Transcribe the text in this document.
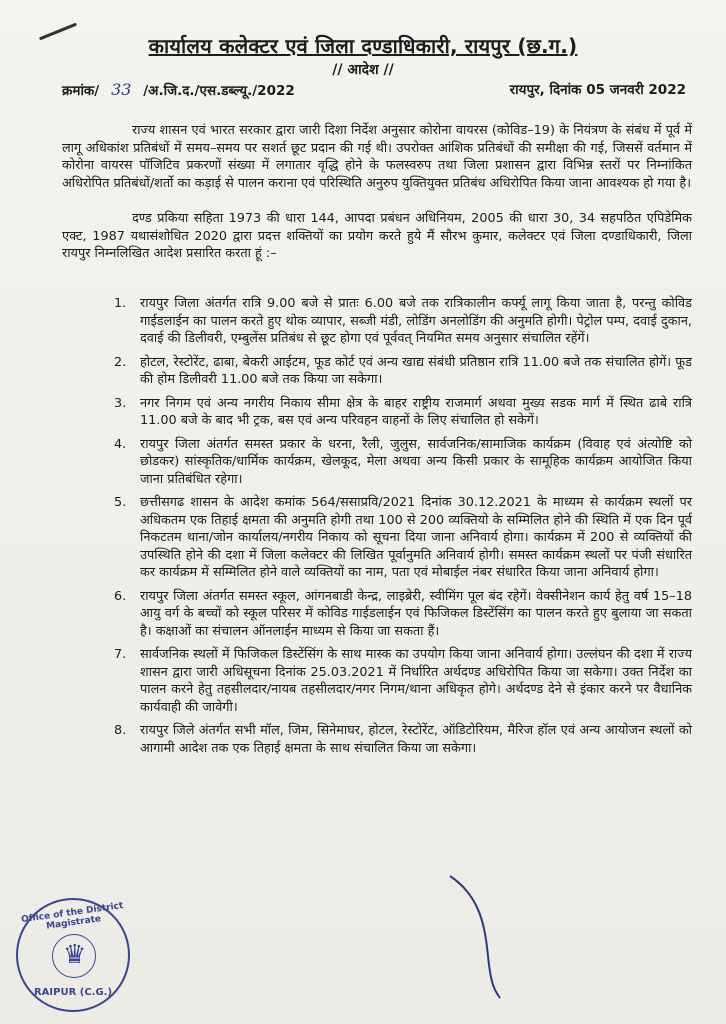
कार्यालय कलेक्टर एवं जिला दण्डाधिकारी, रायपुर (छ.ग.)
// आदेश //
क्रमांक/ 33 /अ.जि.द./एस.डब्ल्यू./2022	रायपुर, दिनांक 05 जनवरी 2022
राज्य शासन एवं भारत सरकार द्वारा जारी दिशा निर्देश अनुसार कोरोना वायरस (कोविड–19) के नियंत्रण के संबंध में पूर्व में लागू अधिकांश प्रतिबंधों में समय–समय पर सशर्त छूट प्रदान की गई थी। उपरोक्त आंशिक प्रतिबंधों की समीक्षा की गई, जिससें वर्तमान में कोरोना वायरस पॉजिटिव प्रकरणों संख्या में लगातार वृद्धि होने के फलस्वरुप तथा जिला प्रशासन द्वारा विभिन्न स्तरों पर निम्नांकित अधिरोपित प्रतिबंधों/शर्तो का कड़ाई से पालन कराना एवं परिस्थिति अनुरुप युक्तियुक्त प्रतिबंध अधिरोपित किया जाना आवश्यक हो गया है।
दण्ड प्रकिया सहिता 1973 की धारा 144, आपदा प्रबंधन अधिनियम, 2005 की धारा 30, 34 सहपठित एपिडेमिक एक्ट, 1987 यथासंशोधित 2020 द्वारा प्रदत्त शक्तियों का प्रयोग करते हुये मैं सौरभ कुमार, कलेक्टर एवं जिला दण्डाधिकारी, जिला रायपुर निम्नलिखित आदेश प्रसारित करता हूं :–
1.	रायपुर जिला अंतर्गत रात्रि 9.00 बजे से प्रातः 6.00 बजे तक रात्रिकालीन कर्फ्यू लागू किया जाता है, परन्तु कोविड गाईडलाईन का पालन करते हुए थोक व्यापार, सब्जी मंडी, लोडिंग अनलोडिंग की अनुमति होगी। पेट्रोल पम्प, दवाई दुकान, दवाई की डिलीवरी, एम्बुलेंस प्रतिबंध से छूट होगा एवं पूर्ववत् नियमित समय अनुसार संचालित रहेंगें।
2.	होटल, रेस्टोरेंट, ढाबा, बेकरी आईटम, फूड कोर्ट एवं अन्य खाद्य संबंधी प्रतिष्ठान रात्रि 11.00 बजे तक संचालित होगें। फूड की होम डिलीवरी 11.00 बजे तक किया जा सकेगा।
3.	नगर निगम एवं अन्य नगरीय निकाय सीमा क्षेत्र के बाहर राष्ट्रीय राजमार्ग अथवा मुख्य सडक मार्ग में स्थित ढाबे रात्रि 11.00 बजे के बाद भी ट्रक, बस एवं अन्य परिवहन वाहनों के लिए संचालित हो सकेगें।
4.	रायपुर जिला अंतर्गत समस्त प्रकार के धरना, रैली, जुलुस, सार्वजनिक/सामाजिक कार्यक्रम (विवाह एवं अंत्योष्टि को छोडकर) सांस्कृतिक/धार्मिक कार्यक्रम, खेलकूद, मेला अथवा अन्य किसी प्रकार के सामूहिक कार्यक्रम आयोजित किया जाना प्रतिबंधित रहेगा।
5.	छत्तीसगढ शासन के आदेश कमांक 564/ससाप्रवि/2021 दिनांक 30.12.2021 के माध्यम से कार्यक्रम स्थलों पर अधिकतम एक तिहाई क्षमता की अनुमति होगी तथा 100 से 200 व्यक्तियो के सम्मिलित होने की स्थिति में एक दिन पूर्व निकटतम थाना/जोन कार्यालय/नगरीय निकाय को सूचना दिया जाना अनिवार्य होगा। कार्यक्रम में 200 से व्यक्तियों की उपस्थिति होने की दशा में जिला कलेक्टर की लिखित पूर्वानुमति अनिवार्य होगी। समस्त कार्यक्रम स्थलों पर पंजी संधारित कर कार्यक्रम में सम्मिलित होने वाले व्यक्तियों का नाम, पता एवं मोबाईल नंबर संधारित किया जाना अनिवार्य होगा।
6.	रायपुर जिला अंतर्गत समस्त स्कूल, आंगनबाडी केन्द्र, लाइब्रेरी, स्वीमिंग पूल बंद रहेगें। वेक्सीनेशन कार्य हेतु वर्ष 15–18 आयु वर्ग के बच्चों को स्कूल परिसर में कोविड गाईडलाईन एवं फिजिकल डिस्टेंसिंग का पालन करते हुए बुलाया जा सकता है। कक्षाओं का संचालन ऑनलाईन माध्यम से किया जा सकता हैं।
7.	सार्वजनिक स्थलों में फिजिकल डिस्टेंसिंग के साथ मास्क का उपयोग किया जाना अनिवार्य होगा। उल्लंघन की दशा में राज्य शासन द्वारा जारी अधिसूचना दिनांक 25.03.2021 में निर्धारित अर्थदण्ड अधिरोपित किया जा सकेगा। उक्त निर्देश का पालन करने हेतु तहसीलदार/नायब तहसीलदार/नगर निगम/थाना अधिकृत होगे। अर्थदण्ड देने से इंकार करने पर वैधानिक कार्यवाही की जावेगी।
8.	रायपुर जिले अंतर्गत सभी मॉल, जिम, सिनेमाघर, होटल, रेस्टोरेंट, ऑडिटोरियम, मैरिज हॉल एवं अन्य आयोजन स्थलों को आगामी आदेश तक एक तिहाई क्षमता के साथ संचालित किया जा सकेगा।
Office of the District Magistrate
♛
RAIPUR (C.G.)
